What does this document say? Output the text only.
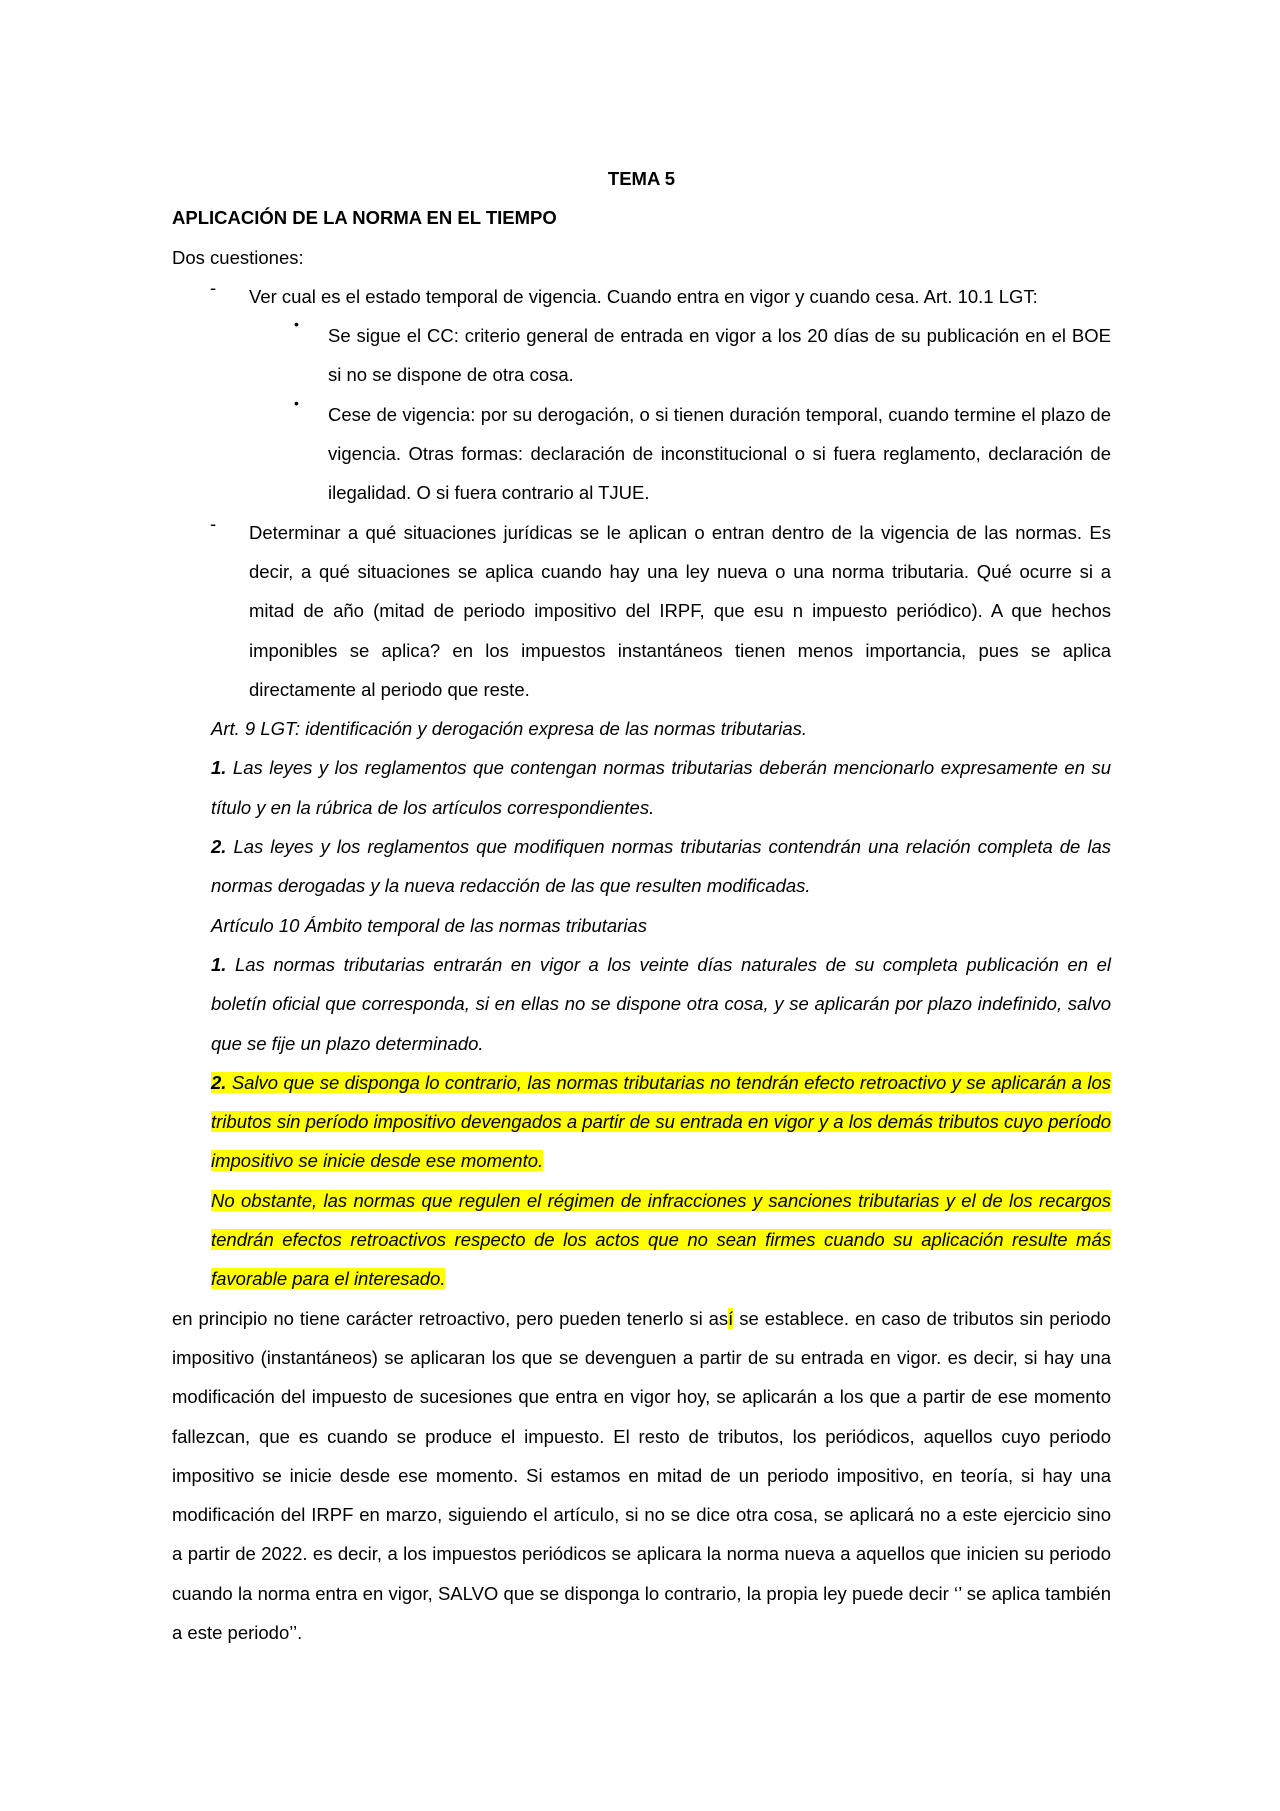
TEMA 5
APLICACIÓN DE LA NORMA EN EL TIEMPO
Dos cuestiones:
- Ver cual es el estado temporal de vigencia. Cuando entra en vigor y cuando cesa. Art. 10.1 LGT:
•
Se sigue el CC: criterio general de entrada en vigor a los 20 días de su publicación en el BOE si no se dispone de otra cosa.
•
Cese de vigencia: por su derogación, o si tienen duración temporal, cuando termine el plazo de vigencia. Otras formas: declaración de inconstitucional o si fuera reglamento, declaración de ilegalidad. O si fuera contrario al TJUE.
- Determinar a qué situaciones jurídicas se le aplican o entran dentro de la vigencia de las normas. Es decir, a qué situaciones se aplica cuando hay una ley nueva o una norma tributaria. Qué ocurre si a mitad de año (mitad de periodo impositivo del IRPF, que esu n impuesto periódico). A que hechos imponibles se aplica? en los impuestos instantáneos tienen menos importancia, pues se aplica directamente al periodo que reste.
Art. 9 LGT: identificación y derogación expresa de las normas tributarias.
1. Las leyes y los reglamentos que contengan normas tributarias deberán mencionarlo expresamente en su título y en la rúbrica de los artículos correspondientes.
2. Las leyes y los reglamentos que modifiquen normas tributarias contendrán una relación completa de las normas derogadas y la nueva redacción de las que resulten modificadas.
Artículo 10 Ámbito temporal de las normas tributarias
1. Las normas tributarias entrarán en vigor a los veinte días naturales de su completa publicación en el boletín oficial que corresponda, si en ellas no se dispone otra cosa, y se aplicarán por plazo indefinido, salvo que se fije un plazo determinado.
2. Salvo que se disponga lo contrario, las normas tributarias no tendrán efecto retroactivo y se aplicarán a los tributos sin período impositivo devengados a partir de su entrada en vigor y a los demás tributos cuyo período impositivo se inicie desde ese momento.
No obstante, las normas que regulen el régimen de infracciones y sanciones tributarias y el de los recargos tendrán efectos retroactivos respecto de los actos que no sean firmes cuando su aplicación resulte más favorable para el interesado.
en principio no tiene carácter retroactivo, pero pueden tenerlo si así se establece. en caso de tributos sin periodo impositivo (instantáneos) se aplicaran los que se devenguen a partir de su entrada en vigor. es decir, si hay una modificación del impuesto de sucesiones que entra en vigor hoy, se aplicarán a los que a partir de ese momento fallezcan, que es cuando se produce el impuesto. El resto de tributos, los periódicos, aquellos cuyo periodo impositivo se inicie desde ese momento. Si estamos en mitad de un periodo impositivo, en teoría, si hay una modificación del IRPF en marzo, siguiendo el artículo, si no se dice otra cosa, se aplicará no a este ejercicio sino a partir de 2022. es decir, a los impuestos periódicos se aplicara la norma nueva a aquellos que inicien su periodo cuando la norma entra en vigor, SALVO que se disponga lo contrario, la propia ley puede decir ‘’ se aplica también a este periodo’’.
